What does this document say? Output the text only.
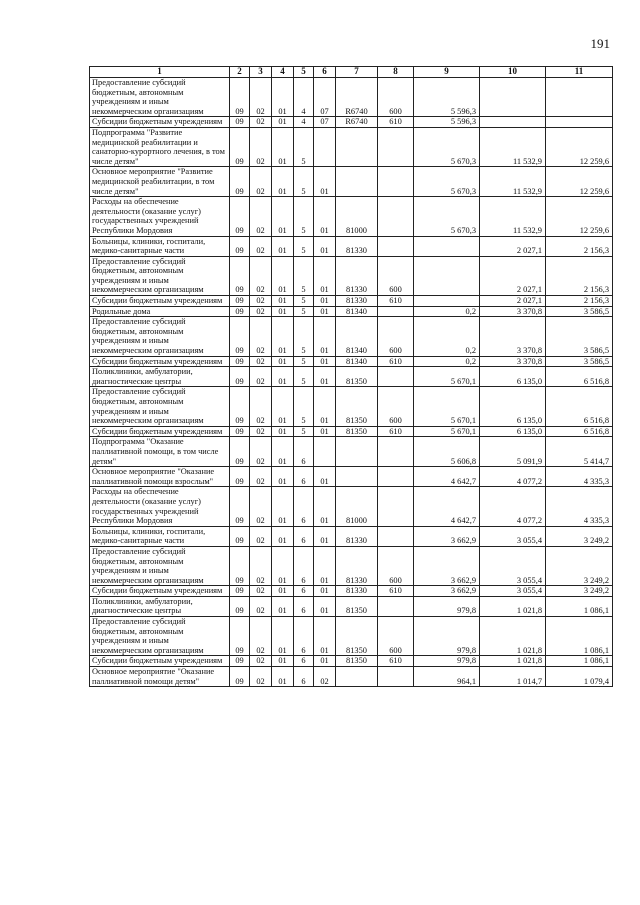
191
1	2	3	4	5	6	7	8	9	10	11
Предоставление субсидий бюджетным, автономным учреждениям и иным некоммерческим организациям	09	02	01	4	07	R6740	600	5 596,3		
Субсидии бюджетным учреждениям	09	02	01	4	07	R6740	610	5 596,3		
Подпрограмма "Развитие медицинской реабилитации и санаторно-курортного лечения, в том числе детям"	09	02	01	5				5 670,3	11 532,9	12 259,6
Основное мероприятие "Развитие медицинской реабилитации, в том числе детям"	09	02	01	5	01			5 670,3	11 532,9	12 259,6
Расходы на обеспечение деятельности (оказание услуг) государственных учреждений Республики Мордовия	09	02	01	5	01	81000		5 670,3	11 532,9	12 259,6
Больницы, клиники, госпитали, медико-санитарные части	09	02	01	5	01	81330			2 027,1	2 156,3
Предоставление субсидий бюджетным, автономным учреждениям и иным некоммерческим организациям	09	02	01	5	01	81330	600		2 027,1	2 156,3
Субсидии бюджетным учреждениям	09	02	01	5	01	81330	610		2 027,1	2 156,3
Родильные дома	09	02	01	5	01	81340		0,2	3 370,8	3 586,5
Предоставление субсидий бюджетным, автономным учреждениям и иным некоммерческим организациям	09	02	01	5	01	81340	600	0,2	3 370,8	3 586,5
Субсидии бюджетным учреждениям	09	02	01	5	01	81340	610	0,2	3 370,8	3 586,5
Поликлиники, амбулатории, диагностические центры	09	02	01	5	01	81350		5 670,1	6 135,0	6 516,8
Предоставление субсидий бюджетным, автономным учреждениям и иным некоммерческим организациям	09	02	01	5	01	81350	600	5 670,1	6 135,0	6 516,8
Субсидии бюджетным учреждениям	09	02	01	5	01	81350	610	5 670,1	6 135,0	6 516,8
Подпрограмма "Оказание паллиативной помощи, в том числе детям"	09	02	01	6				5 606,8	5 091,9	5 414,7
Основное мероприятие "Оказание паллиативной помощи взрослым"	09	02	01	6	01			4 642,7	4 077,2	4 335,3
Расходы на обеспечение деятельности (оказание услуг) государственных учреждений Республики Мордовия	09	02	01	6	01	81000		4 642,7	4 077,2	4 335,3
Больницы, клиники, госпитали, медико-санитарные части	09	02	01	6	01	81330		3 662,9	3 055,4	3 249,2
Предоставление субсидий бюджетным, автономным учреждениям и иным некоммерческим организациям	09	02	01	6	01	81330	600	3 662,9	3 055,4	3 249,2
Субсидии бюджетным учреждениям	09	02	01	6	01	81330	610	3 662,9	3 055,4	3 249,2
Поликлиники, амбулатории, диагностические центры	09	02	01	6	01	81350		979,8	1 021,8	1 086,1
Предоставление субсидий бюджетным, автономным учреждениям и иным некоммерческим организациям	09	02	01	6	01	81350	600	979,8	1 021,8	1 086,1
Субсидии бюджетным учреждениям	09	02	01	6	01	81350	610	979,8	1 021,8	1 086,1
Основное мероприятие "Оказание паллиативной помощи детям"	09	02	01	6	02			964,1	1 014,7	1 079,4
